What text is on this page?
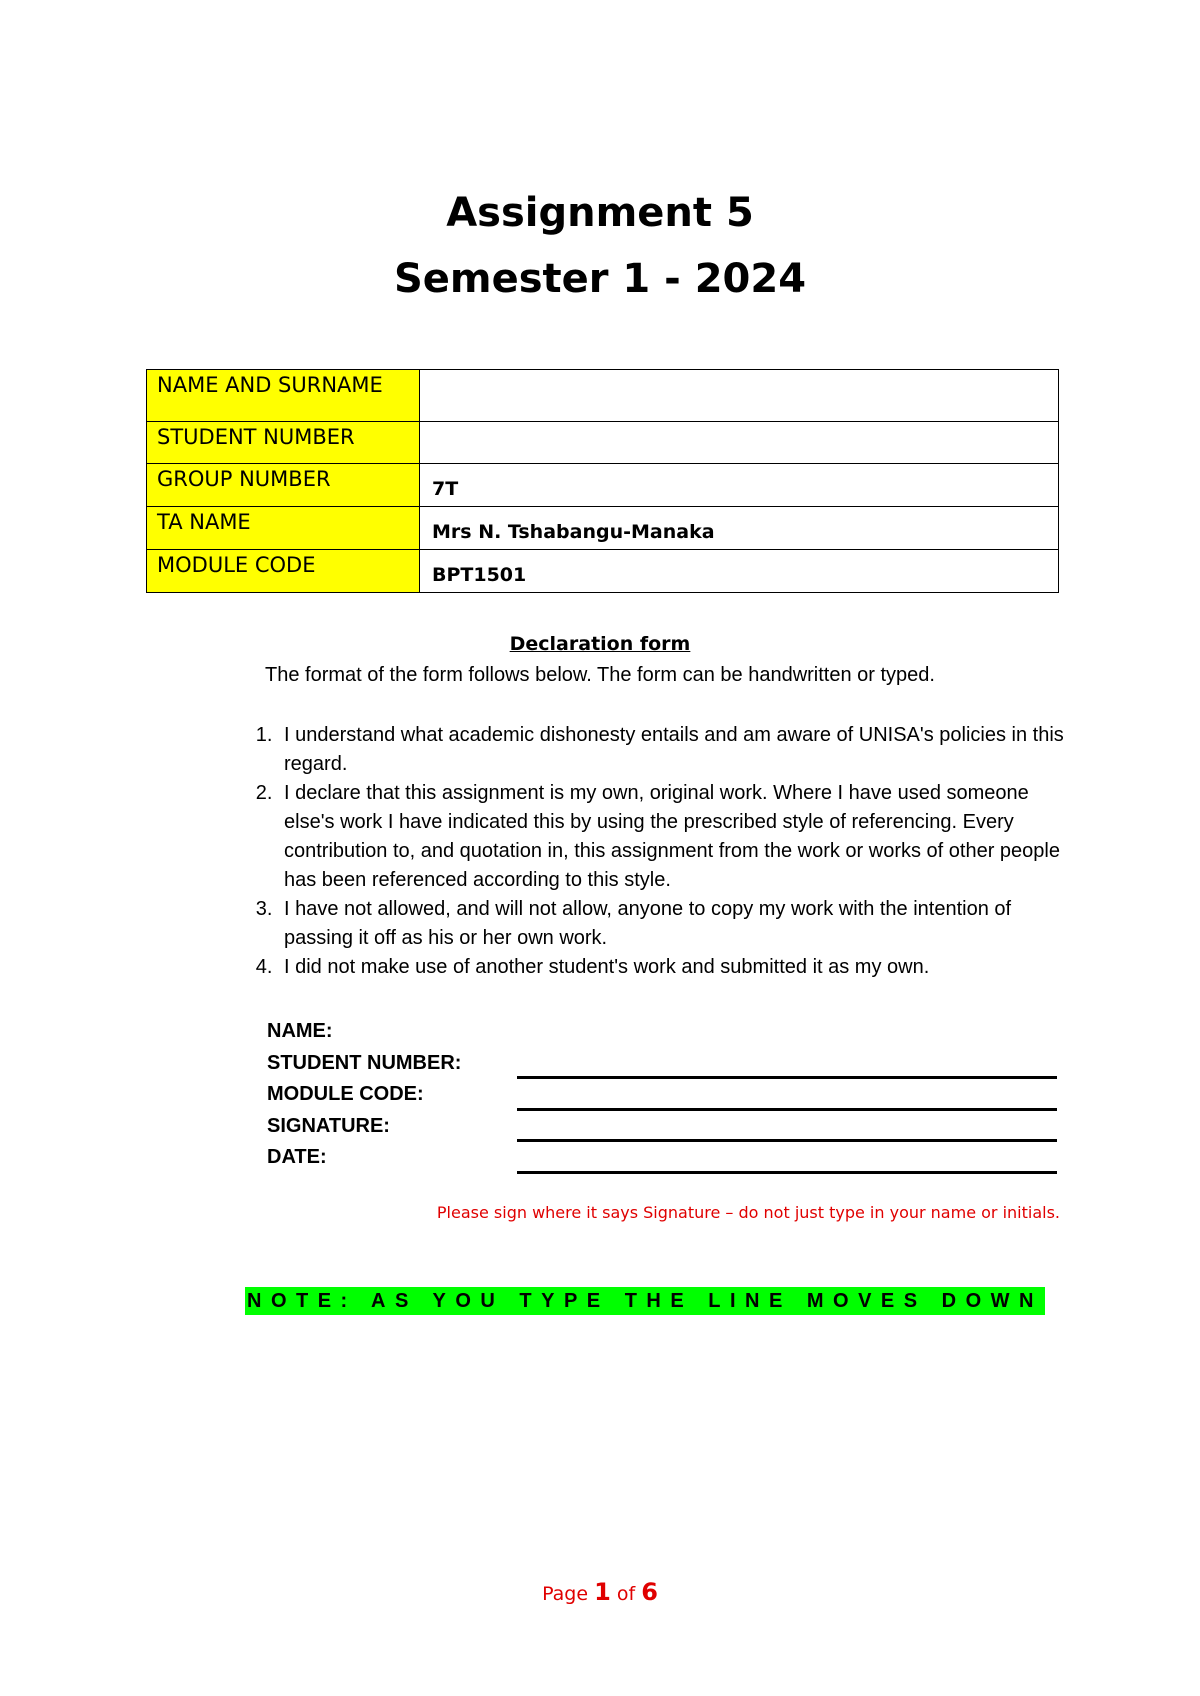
Assignment 5
Semester 1 - 2024
NAME AND SURNAME	
STUDENT NUMBER	
GROUP NUMBER	7T
TA NAME	Mrs N. Tshabangu-Manaka
MODULE CODE	BPT1501
Declaration form
The format of the form follows below. The form can be handwritten or typed.
1. I understand what academic dishonesty entails and am aware of UNISA's policies in this regard.
2. I declare that this assignment is my own, original work. Where I have used someone else's work I have indicated this by using the prescribed style of referencing. Every contribution to, and quotation in, this assignment from the work or works of other people has been referenced according to this style.
3. I have not allowed, and will not allow, anyone to copy my work with the intention of passing it off as his or her own work.
4. I did not make use of another student's work and submitted it as my own.
NAME:
STUDENT NUMBER:
MODULE CODE:
SIGNATURE:
DATE:
Please sign where it says Signature – do not just type in your name or initials.
NOTE: AS YOU TYPE THE LINE MOVES DOWN
Page 1 of 6
